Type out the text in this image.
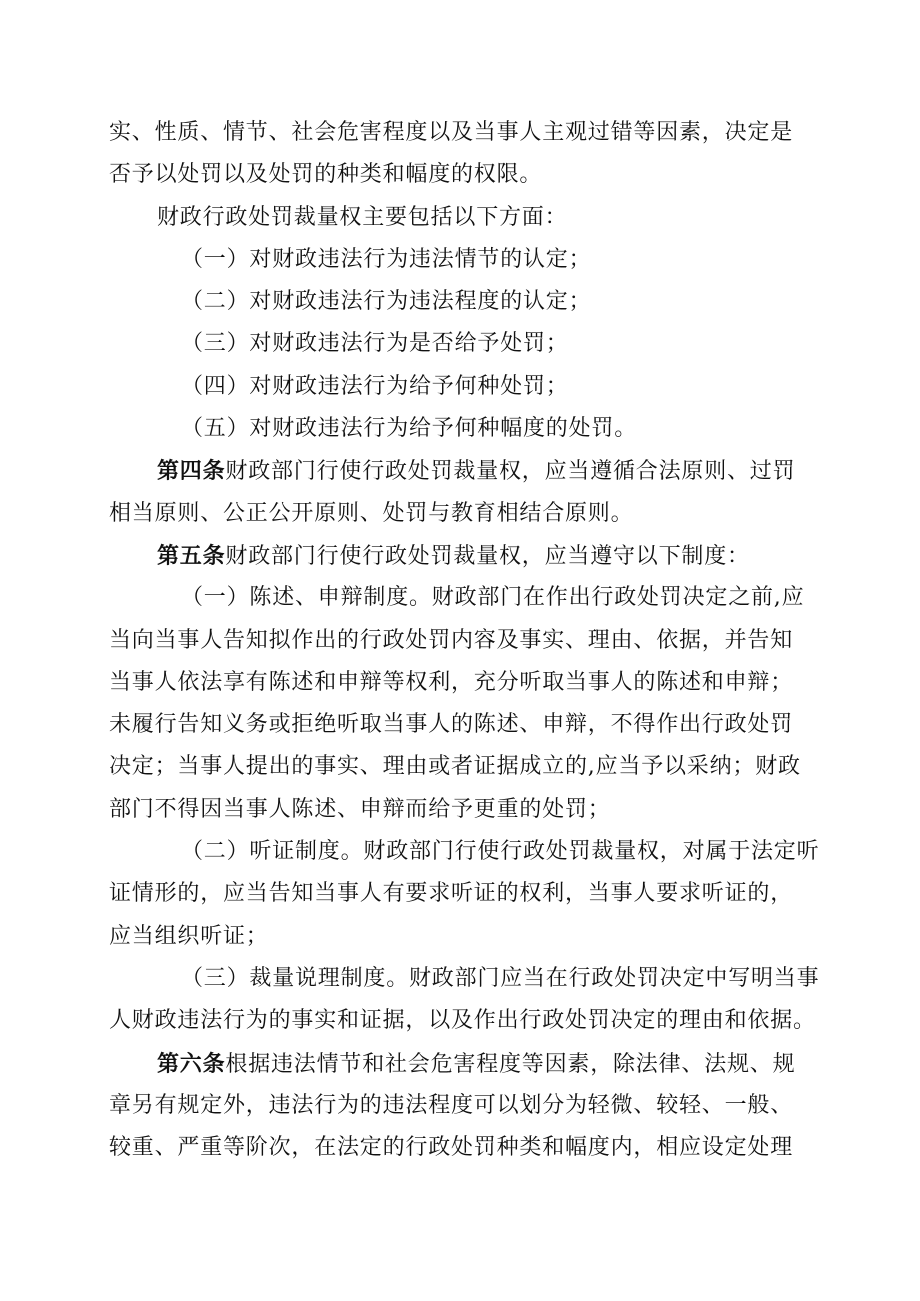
实、性质、情节、社会危害程度以及当事人主观过错等因素，决定是
否予以处罚以及处罚的种类和幅度的权限。
财政行政处罚裁量权主要包括以下方面：
（一）对财政违法行为违法情节的认定；
（二）对财政违法行为违法程度的认定；
（三）对财政违法行为是否给予处罚；
（四）对财政违法行为给予何种处罚；
（五）对财政违法行为给予何种幅度的处罚。
第四条财政部门行使行政处罚裁量权，应当遵循合法原则、过罚
相当原则、公正公开原则、处罚与教育相结合原则。
第五条财政部门行使行政处罚裁量权，应当遵守以下制度：
（一）陈述、申辩制度。财政部门在作出行政处罚决定之前,应
当向当事人告知拟作出的行政处罚内容及事实、理由、依据，并告知
当事人依法享有陈述和申辩等权利，充分听取当事人的陈述和申辩；
未履行告知义务或拒绝听取当事人的陈述、申辩，不得作出行政处罚
决定；当事人提出的事实、理由或者证据成立的,应当予以采纳；财政
部门不得因当事人陈述、申辩而给予更重的处罚；
（二）听证制度。财政部门行使行政处罚裁量权，对属于法定听
证情形的，应当告知当事人有要求听证的权利，当事人要求听证的，
应当组织听证；
（三）裁量说理制度。财政部门应当在行政处罚决定中写明当事
人财政违法行为的事实和证据，以及作出行政处罚决定的理由和依据。
第六条根据违法情节和社会危害程度等因素，除法律、法规、规
章另有规定外，违法行为的违法程度可以划分为轻微、较轻、一般、
较重、严重等阶次，在法定的行政处罚种类和幅度内，相应设定处理
